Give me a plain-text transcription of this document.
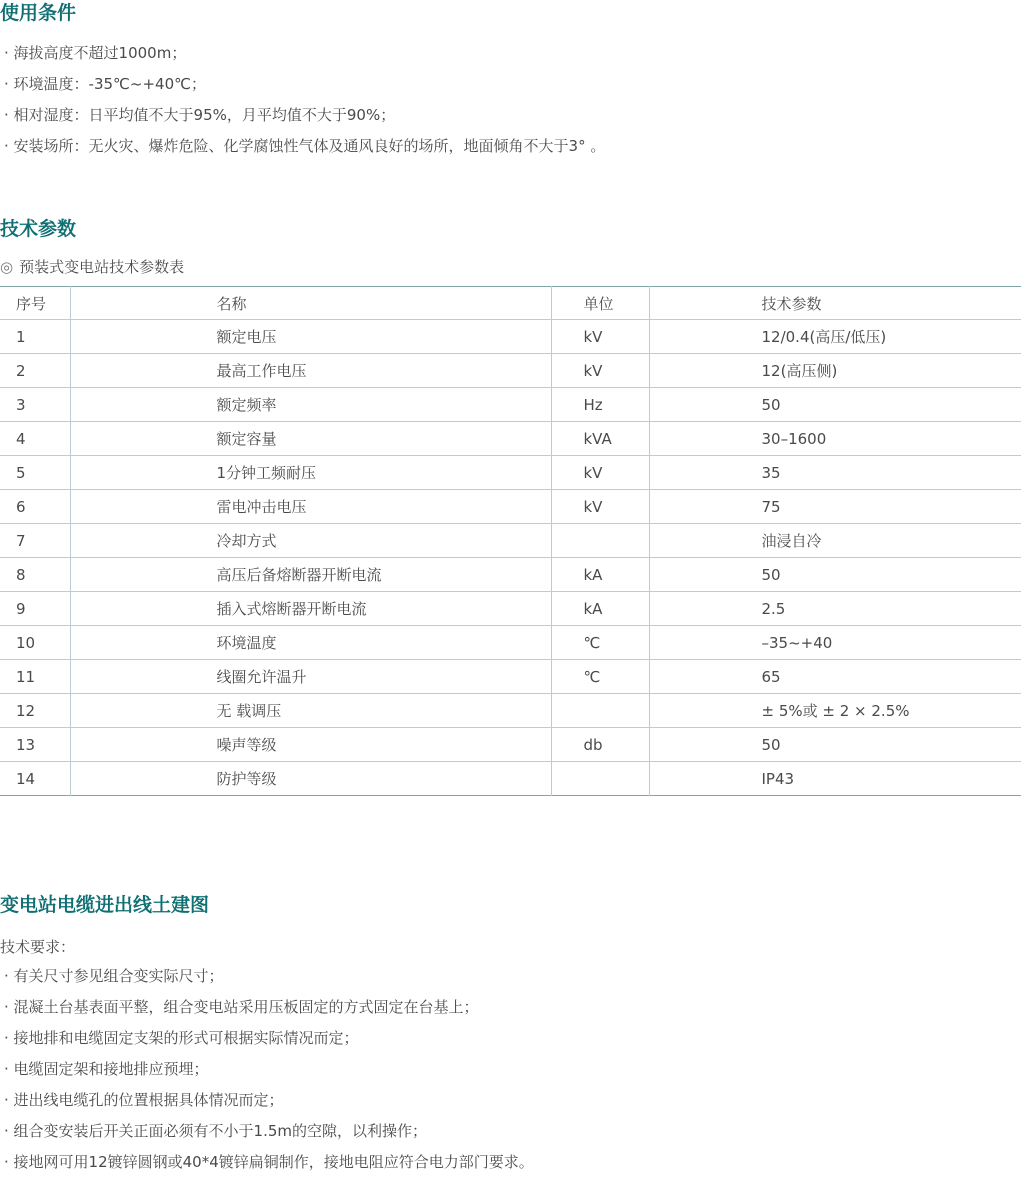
使用条件
· 海拔高度不超过1000m；
· 环境温度：-35℃~+40℃；
· 相对湿度：日平均值不大于95%，月平均值不大于90%；
· 安装场所：无火灾、爆炸危险、化学腐蚀性气体及通风良好的场所，地面倾角不大于3° 。
技术参数
◎ 预装式变电站技术参数表
序号	名称	单位	技术参数
1	额定电压	kV	12/0.4(高压/低压)
2	最高工作电压	kV	12(高压侧)
3	额定频率	Hz	50
4	额定容量	kVA	30–1600
5	1分钟工频耐压	kV	35
6	雷电冲击电压	kV	75
7	冷却方式		油浸自冷
8	高压后备熔断器开断电流	kA	50
9	插入式熔断器开断电流	kA	2.5
10	环境温度	℃	–35~+40
11	线圈允许温升	℃	65
12	无 载调压		± 5%或 ± 2 × 2.5%
13	噪声等级	db	50
14	防护等级		IP43
变电站电缆进出线土建图
技术要求：
· 有关尺寸参见组合变实际尺寸；
· 混凝土台基表面平整，组合变电站采用压板固定的方式固定在台基上；
· 接地排和电缆固定支架的形式可根据实际情况而定；
· 电缆固定架和接地排应预埋；
· 进出线电缆孔的位置根据具体情况而定；
· 组合变安装后开关正面必须有不小于1.5m的空隙，以利操作；
· 接地网可用12镀锌圆钢或40*4镀锌扁铜制作，接地电阻应符合电力部门要求。
